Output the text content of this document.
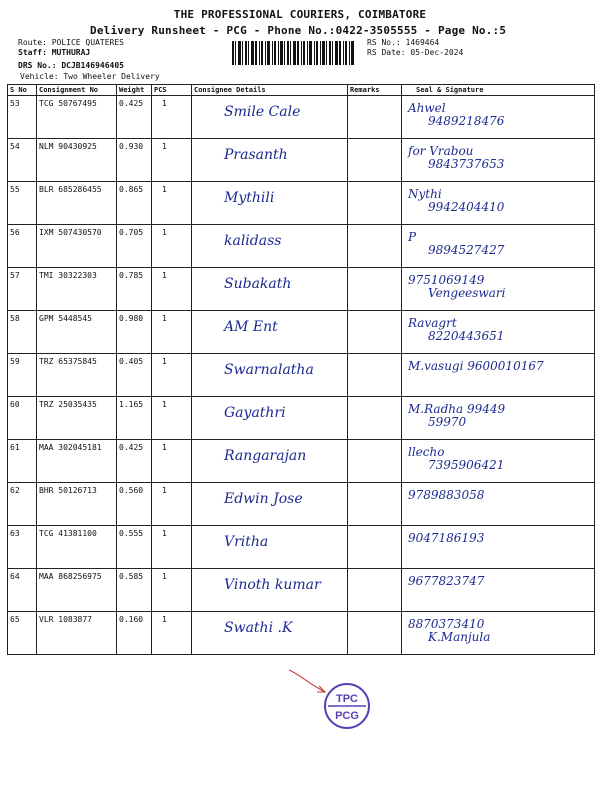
THE PROFESSIONAL COURIERS, COIMBATORE
Delivery Runsheet - PCG - Phone No.:0422-3505555 - Page No.:5
Route: POLICE QUATERES
Staff: MUTHURAJ
DRS No.: DCJB146946405
Vehicle: Two Wheeler Delivery
RS No.: 1469464
RS Date: 05-Dec-2024
S No	Consignment No	Weight	PCS	Consignee Details	Remarks	Seal & Signature

53	TCG 50767495	0.425	1	Smile Cale		Ahwel
9489218476

54	NLM 90430925	0.930	1	Prasanth		for Vrabou
9843737653

55	BLR 685286455	0.865	1	Mythili		Nythi
9942404410

56	IXM 507430570	0.705	1	kalidass		P
9894527427

57	TMI 30322303	0.785	1	Subakath		9751069149
Vengeeswari

58	GPM 5448545	0.980	1	AM Ent		Ravagrt
8220443651

59	TRZ 65375845	0.405	1	Swarnalatha		M.vasugi 9600010167

60	TRZ 25035435	1.165	1	Gayathri		M.Radha 99449
59970

61	MAA 302045181	0.425	1	Rangarajan		llecho
7395906421

62	BHR 50126713	0.560	1	Edwin Jose		9789883058

63	TCG 41381100	0.555	1	Vritha		9047186193

64	MAA 868256975	0.585	1	Vinoth kumar		9677823747

65	VLR 1083877	0.160	1	Swathi .K		8870373410
K.Manjula
TPC
PCG
